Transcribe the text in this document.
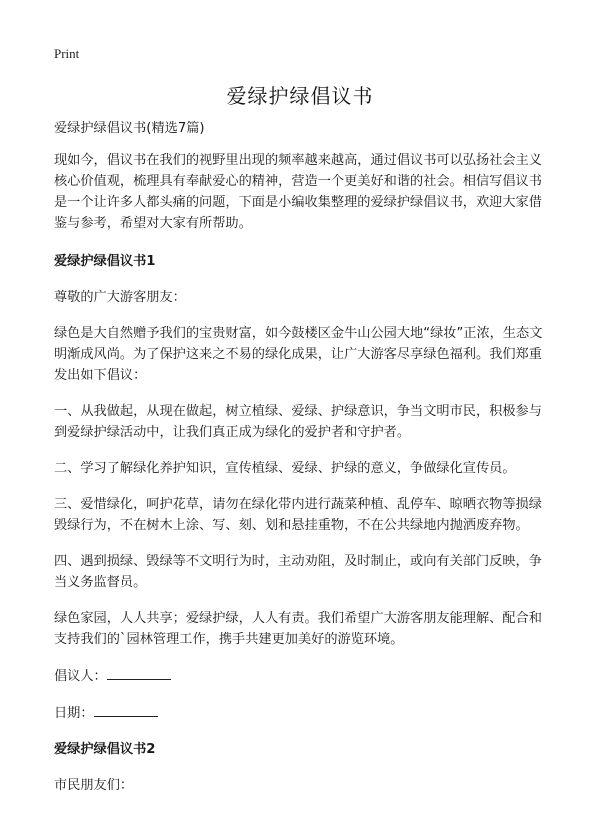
Print
爱绿护绿倡议书

爱绿护绿倡议书(精选7篇)

现如今，倡议书在我们的视野里出现的频率越来越高，通过倡议书可以弘扬社会主义核心价值观，梳理具有奉献爱心的精神，营造一个更美好和谐的社会。相信写倡议书是一个让许多人都头痛的问题，下面是小编收集整理的爱绿护绿倡议书，欢迎大家借鉴与参考，希望对大家有所帮助。

爱绿护绿倡议书1

尊敬的广大游客朋友：

绿色是大自然赠予我们的宝贵财富，如今鼓楼区金牛山公园大地“绿妆”正浓，生态文明渐成风尚。为了保护这来之不易的绿化成果，让广大游客尽享绿色福利。我们郑重发出如下倡议：

一、从我做起，从现在做起，树立植绿、爱绿、护绿意识，争当文明市民，积极参与到爱绿护绿活动中，让我们真正成为绿化的爱护者和守护者。

二、学习了解绿化养护知识，宣传植绿、爱绿、护绿的意义，争做绿化宣传员。

三、爱惜绿化，呵护花草，请勿在绿化带内进行蔬菜种植、乱停车、晾晒衣物等损绿毁绿行为，不在树木上涂、写、刻、划和悬挂重物，不在公共绿地内抛洒废弃物。

四、遇到损绿、毁绿等不文明行为时，主动劝阻，及时制止，或向有关部门反映，争当义务监督员。

绿色家园，人人共享；爱绿护绿，人人有责。我们希望广大游客朋友能理解、配合和支持我们的`园林管理工作，携手共建更加美好的游览环境。

倡议人：

日期：

爱绿护绿倡议书2

市民朋友们：
